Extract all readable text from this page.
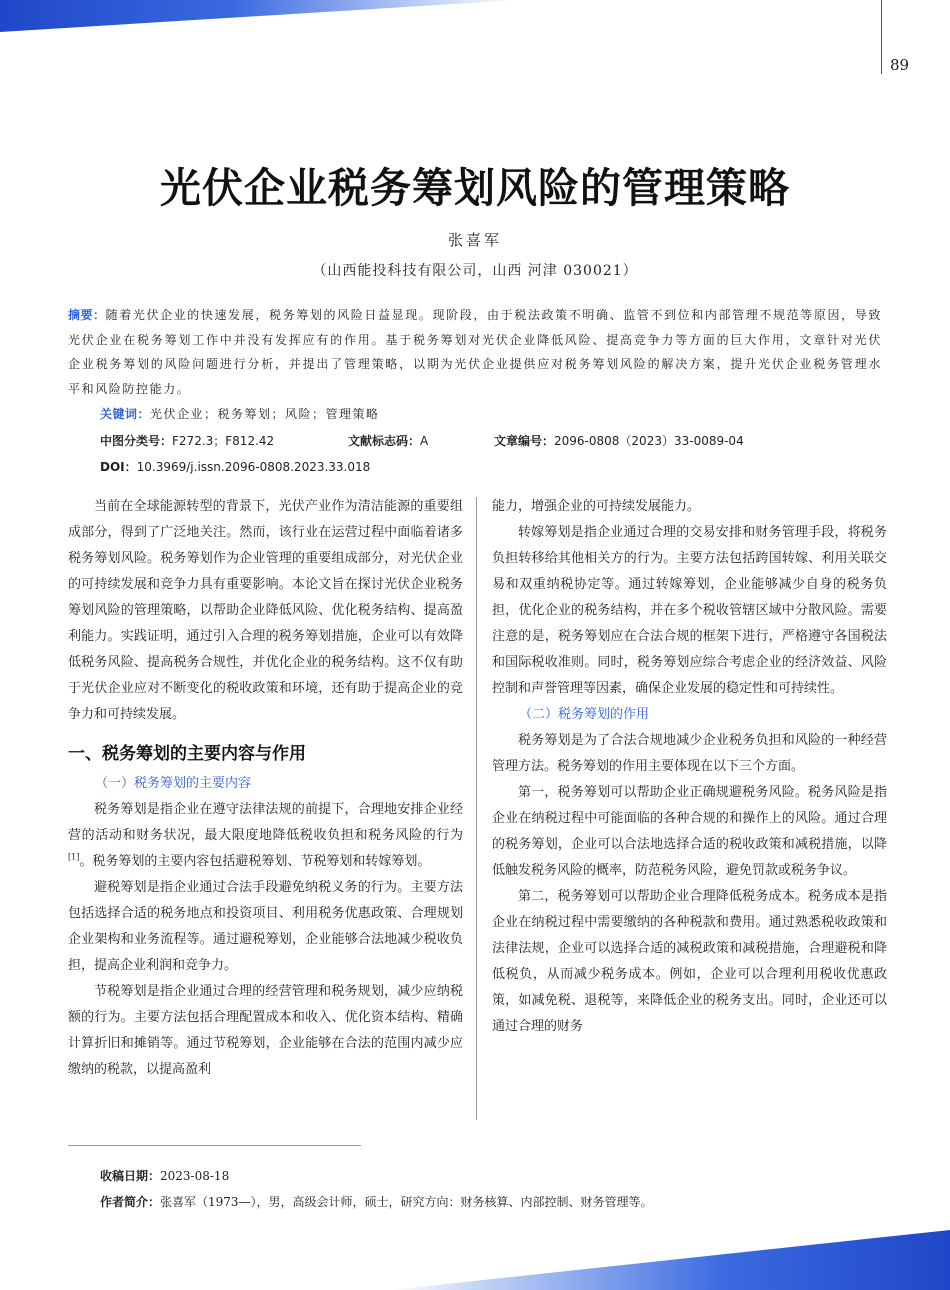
89
光伏企业税务筹划风险的管理策略
张喜军
（山西能投科技有限公司，山西 河津 030021）
摘要：随着光伏企业的快速发展，税务筹划的风险日益显现。现阶段，由于税法政策不明确、监管不到位和内部管理不规范等原因，导致光伏企业在税务筹划工作中并没有发挥应有的作用。基于税务筹划对光伏企业降低风险、提高竞争力等方面的巨大作用，文章针对光伏企业税务筹划的风险问题进行分析，并提出了管理策略，以期为光伏企业提供应对税务筹划风险的解决方案，提升光伏企业税务管理水平和风险防控能力。
关键词：光伏企业；税务筹划；风险；管理策略
中图分类号：F272.3；F812.42	文献标志码：A	文章编号：2096-0808（2023）33-0089-04
DOI：10.3969/j.issn.2096-0808.2023.33.018

当前在全球能源转型的背景下，光伏产业作为清洁能源的重要组成部分，得到了广泛地关注。然而，该行业在运营过程中面临着诸多税务筹划风险。税务筹划作为企业管理的重要组成部分，对光伏企业的可持续发展和竞争力具有重要影响。本论文旨在探讨光伏企业税务筹划风险的管理策略，以帮助企业降低风险、优化税务结构、提高盈利能力。实践证明，通过引入合理的税务筹划措施，企业可以有效降低税务风险、提高税务合规性，并优化企业的税务结构。这不仅有助于光伏企业应对不断变化的税收政策和环境，还有助于提高企业的竞争力和可持续发展。

一、税务筹划的主要内容与作用
（一）税务筹划的主要内容

税务筹划是指企业在遵守法律法规的前提下，合理地安排企业经营的活动和财务状况，最大限度地降低税收负担和税务风险的行为[1]。税务筹划的主要内容包括避税筹划、节税筹划和转嫁筹划。

避税筹划是指企业通过合法手段避免纳税义务的行为。主要方法包括选择合适的税务地点和投资项目、利用税务优惠政策、合理规划企业架构和业务流程等。通过避税筹划，企业能够合法地减少税收负担，提高企业利润和竞争力。

节税筹划是指企业通过合理的经营管理和税务规划，减少应纳税额的行为。主要方法包括合理配置成本和收入、优化资本结构、精确计算折旧和摊销等。通过节税筹划，企业能够在合法的范围内减少应缴纳的税款，以提高盈利

能力，增强企业的可持续发展能力。

转嫁筹划是指企业通过合理的交易安排和财务管理手段，将税务负担转移给其他相关方的行为。主要方法包括跨国转嫁、利用关联交易和双重纳税协定等。通过转嫁筹划，企业能够减少自身的税务负担，优化企业的税务结构，并在多个税收管辖区域中分散风险。需要注意的是，税务筹划应在合法合规的框架下进行，严格遵守各国税法和国际税收准则。同时，税务筹划应综合考虑企业的经济效益、风险控制和声誉管理等因素，确保企业发展的稳定性和可持续性。

（二）税务筹划的作用

税务筹划是为了合法合规地减少企业税务负担和风险的一种经营管理方法。税务筹划的作用主要体现在以下三个方面。

第一，税务筹划可以帮助企业正确规避税务风险。税务风险是指企业在纳税过程中可能面临的各种合规的和操作上的风险。通过合理的税务筹划，企业可以合法地选择合适的税收政策和减税措施，以降低触发税务风险的概率，防范税务风险，避免罚款或税务争议。

第二，税务筹划可以帮助企业合理降低税务成本。税务成本是指企业在纳税过程中需要缴纳的各种税款和费用。通过熟悉税收政策和法律法规，企业可以选择合适的减税政策和减税措施，合理避税和降低税负，从而减少税务成本。例如，企业可以合理利用税收优惠政策，如减免税、退税等，来降低企业的税务支出。同时，企业还可以通过合理的财务

收稿日期：2023-08-18
作者简介：张喜军（1973—），男，高级会计师，硕士，研究方向：财务核算、内部控制、财务管理等。
